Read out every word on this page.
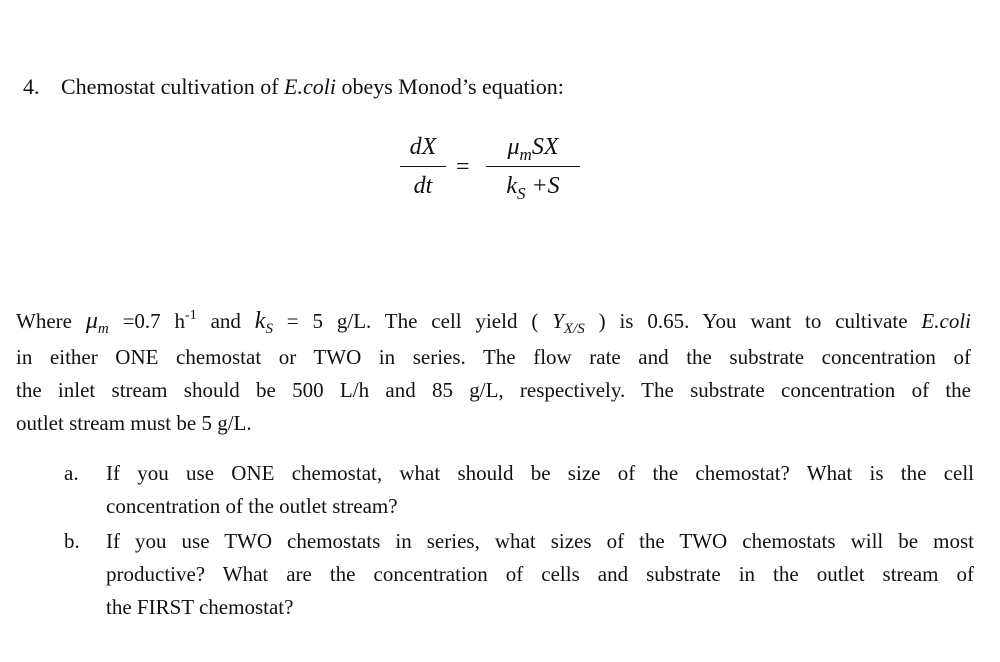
4. Chemostat cultivation of E.coli obeys Monod’s equation:
dX
dt
=
$\mu_mSX$
$k_S +S$
Where $\mu_m =0.7$ $h^{-1}$ and $k_S = 5$ g/L. The cell yield ( $Y_{X/S}$ ) is 0.65. You want to cultivate E.coli
in either ONE chemostat or TWO in series. The flow rate and the substrate concentration of
the inlet stream should be 500 L/h and 85 g/L, respectively. The substrate concentration of the
outlet stream must be 5 g/L.
a. If you use ONE chemostat, what should be size of the chemostat? What is the cell
concentration of the outlet stream?
b. If you use TWO chemostats in series, what sizes of the TWO chemostats will be most
productive? What are the concentration of cells and substrate in the outlet stream of
the FIRST chemostat?
